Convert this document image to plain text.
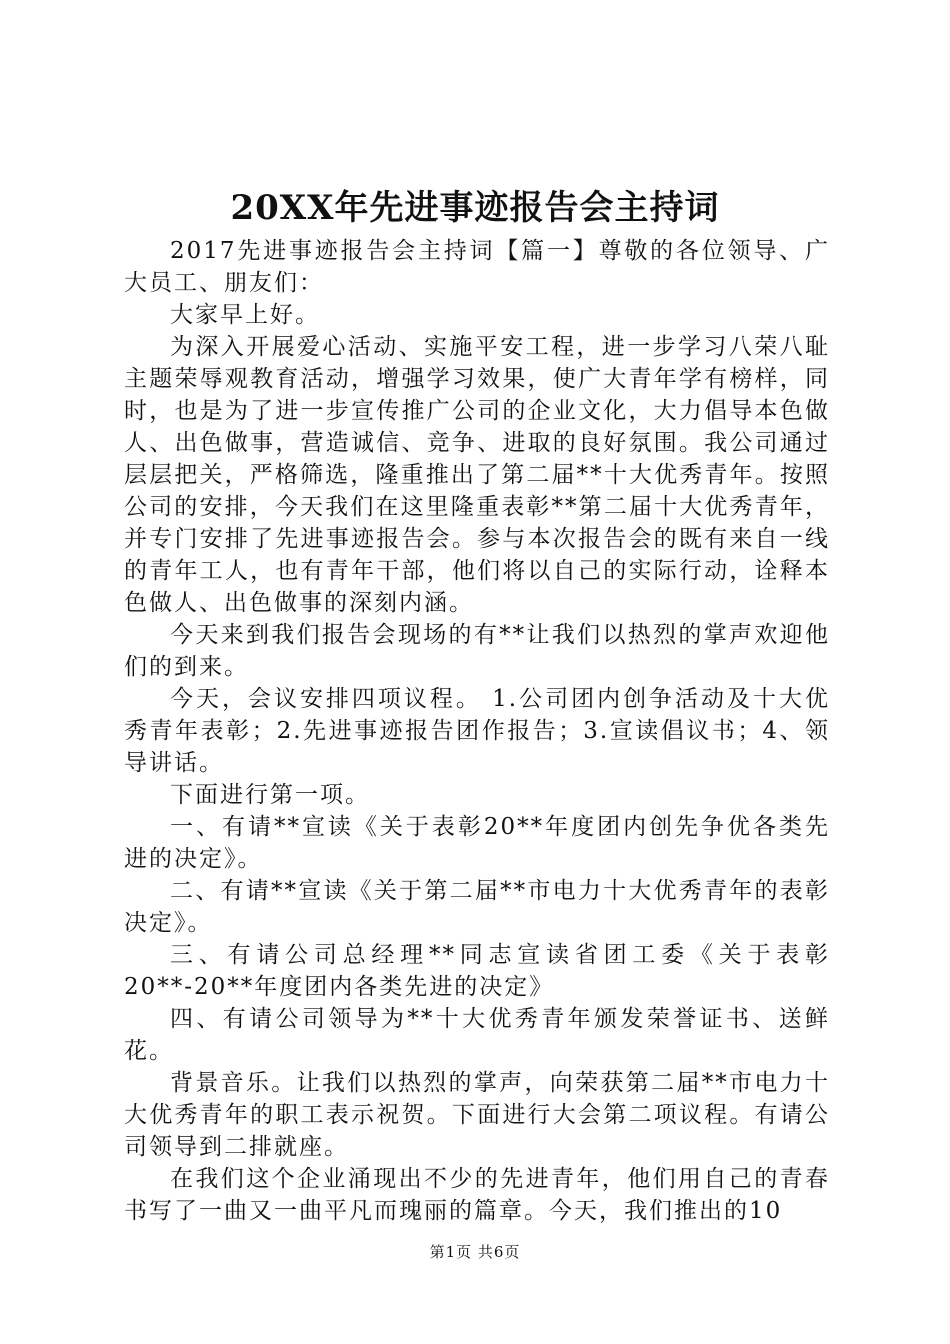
20XX年先进事迹报告会主持词

2017先进事迹报告会主持词【篇一】尊敬的各位领导、广大员工、朋友们：

大家早上好。

为深入开展爱心活动、实施平安工程，进一步学习八荣八耻主题荣辱观教育活动，增强学习效果，使广大青年学有榜样，同时，也是为了进一步宣传推广公司的企业文化，大力倡导本色做人、出色做事，营造诚信、竞争、进取的良好氛围。我公司通过层层把关，严格筛选，隆重推出了第二届**十大优秀青年。按照公司的安排，今天我们在这里隆重表彰**第二届十大优秀青年，并专门安排了先进事迹报告会。参与本次报告会的既有来自一线的青年工人，也有青年干部，他们将以自己的实际行动，诠释本色做人、出色做事的深刻内涵。

今天来到我们报告会现场的有**让我们以热烈的掌声欢迎他们的到来。

今天，会议安排四项议程。 1.公司团内创争活动及十大优秀青年表彰；2.先进事迹报告团作报告；3.宣读倡议书；4、领导讲话。

下面进行第一项。

一、有请**宣读《关于表彰20**年度团内创先争优各类先进的决定》。

二、有请**宣读《关于第二届**市电力十大优秀青年的表彰决定》。

三、有请公司总经理**同志宣读省团工委《关于表彰20**-20**年度团内各类先进的决定》

四、有请公司领导为**十大优秀青年颁发荣誉证书、送鲜花。

背景音乐。让我们以热烈的掌声，向荣获第二届**市电力十大优秀青年的职工表示祝贺。下面进行大会第二项议程。有请公司领导到二排就座。

在我们这个企业涌现出不少的先进青年，他们用自己的青春书写了一曲又一曲平凡而瑰丽的篇章。今天，我们推出的10

第1页 共6页
